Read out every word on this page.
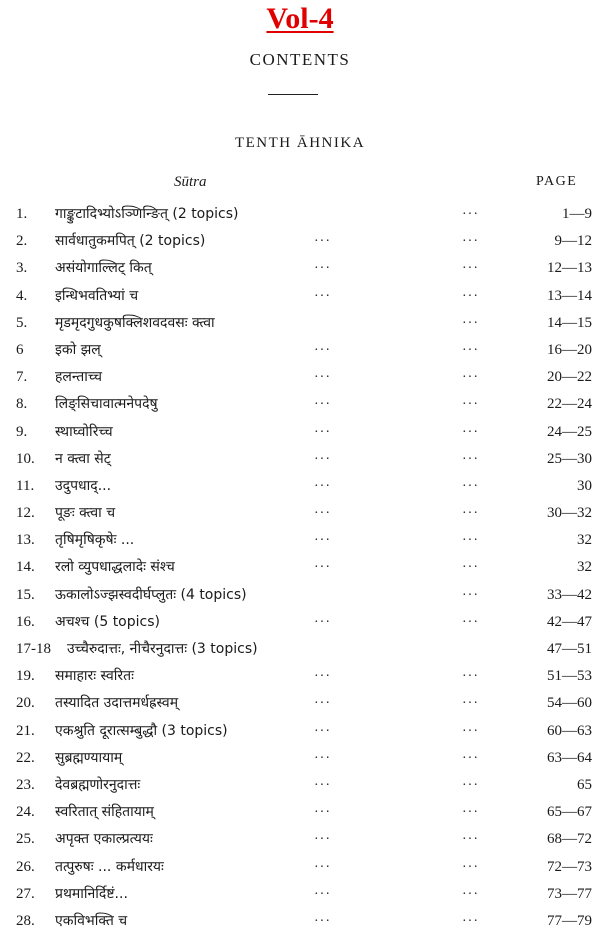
Vol-4
CONTENTS
TENTH ĀHNIKA
Sūtra	PAGE
1. गाङ्कुटादिभ्योऽञ्णिन्ङित् (2 topics)	···	1—9
2. सार्वधातुकमपित् (2 topics)	···	···	9—12
3. असंयोगाल्लिट् कित्	···	···	12—13
4. इन्धिभवतिभ्यां च	···	···	13—14
5. मृडमृदगुधकुषक्लिशवदवसः क्त्वा	···	14—15
6 इको झल्	···	···	16—20
7. हलन्ताच्च	···	···	20—22
8. लिङ्सिचावात्मनेपदेषु	···	···	22—24
9. स्थाघ्वोरिच्च	···	···	24—25
10. न क्त्वा सेट्	···	···	25—30
11. उदुपधाद्...	···	···	30
12. पूङः क्त्वा च	···	···	30—32
13. तृषिमृषिकृषेः ...	···	···	32
14. रलो व्युपधाद्धलादेः संश्च	···	···	32
15. ऊकालोऽज्झस्वदीर्घप्लुतः (4 topics)	···	33—42
16. अचश्च (5 topics)	···	···	42—47
17-18 उच्चैरुदात्तः, नीचैरनुदात्तः (3 topics)	47—51
19. समाहारः स्वरितः	···	···	51—53
20. तस्यादित उदात्तमर्धह्रस्वम्	···	···	54—60
21. एकश्रुति दूरात्सम्बुद्धौ (3 topics)	···	···	60—63
22. सुब्रह्मण्यायाम्	···	···	63—64
23. देवब्रह्मणोरनुदात्तः	···	···	65
24. स्वरितात् संहितायाम्	···	···	65—67
25. अपृक्त एकाल्प्रत्ययः	···	···	68—72
26. तत्पुरुषः ... कर्मधारयः	···	···	72—73
27. प्रथमानिर्दिष्टं...	···	···	73—77
28. एकविभक्ति च	···	···	77—79
